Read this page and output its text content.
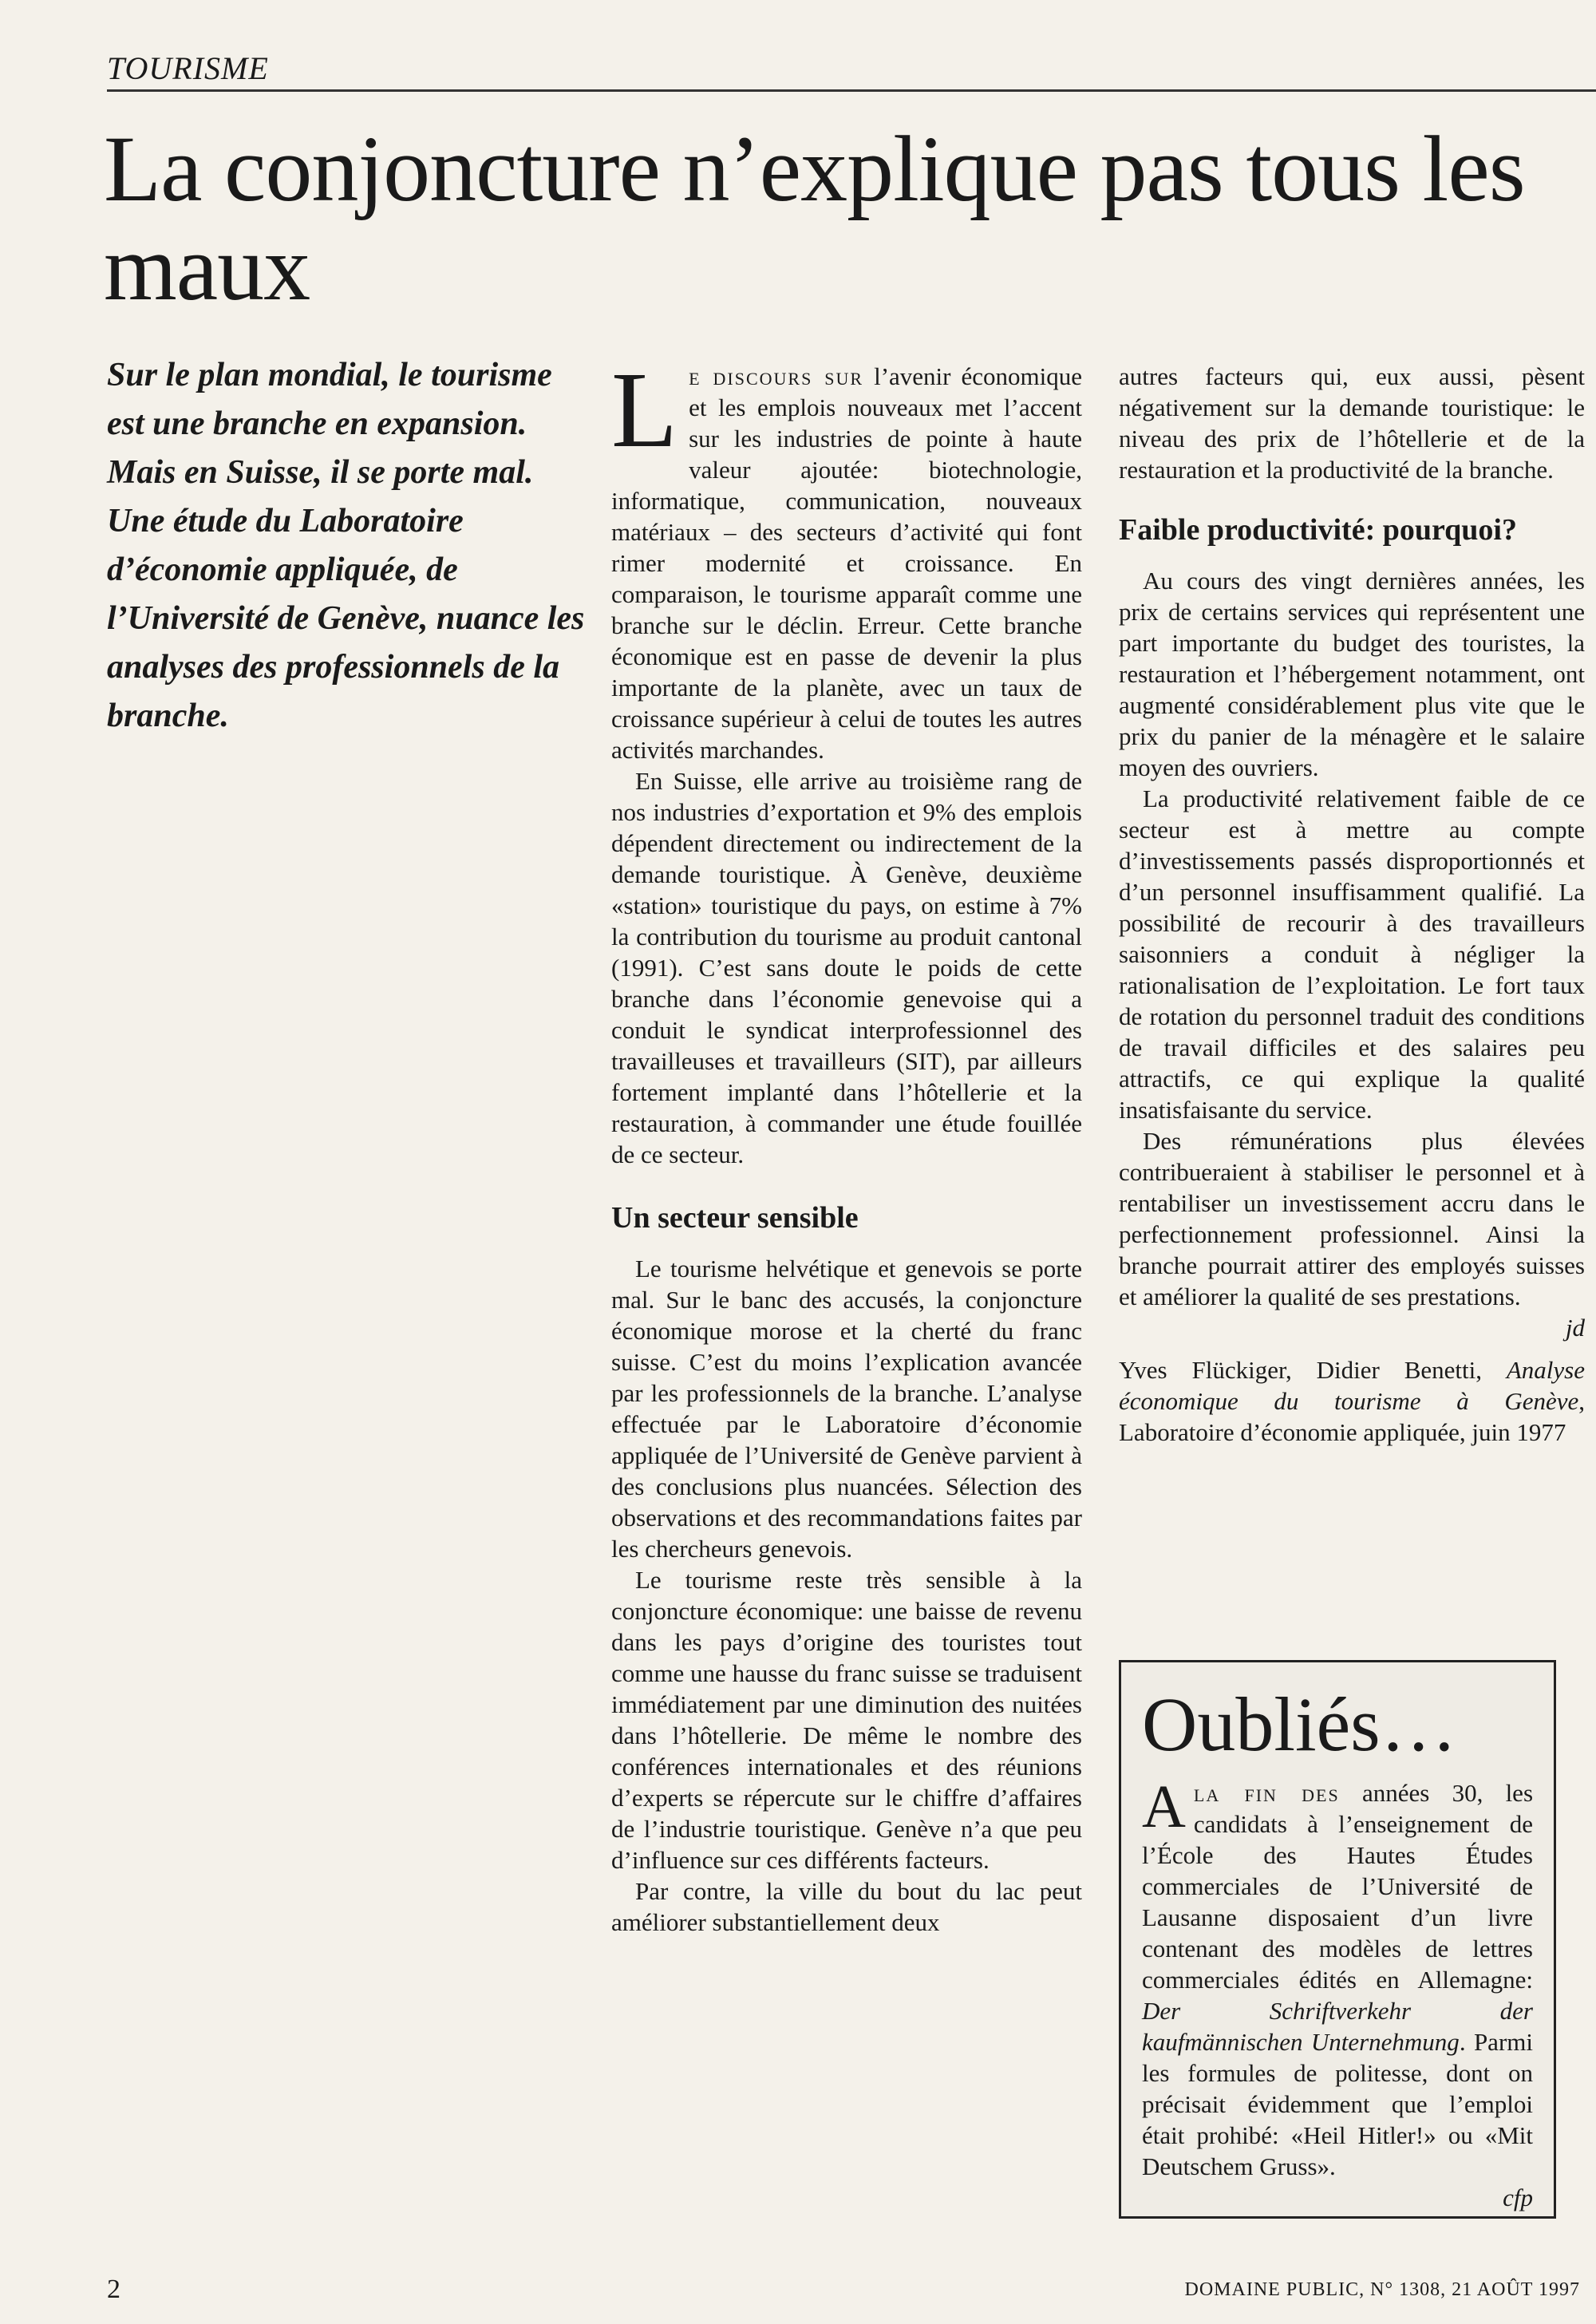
TOURISME
La conjoncture n’explique pas tous les maux

Sur le plan mondial, le tourisme est une branche en expansion. Mais en Suisse, il se porte mal. Une étude du Laboratoire d’économie appliquée, de l’Université de Genève, nuance les analyses des professionnels de la branche.

Le discours sur l’avenir économique et les emplois nouveaux met l’accent sur les industries de pointe à haute valeur ajoutée: biotechnologie, informatique, communication, nouveaux matériaux – des secteurs d’activité qui font rimer modernité et croissance. En comparaison, le tourisme apparaît comme une branche sur le déclin. Erreur. Cette branche économique est en passe de devenir la plus importante de la planète, avec un taux de croissance supérieur à celui de toutes les autres activités marchandes.

En Suisse, elle arrive au troisième rang de nos industries d’exportation et 9% des emplois dépendent directement ou indirectement de la demande touristique. À Genève, deuxième «station» touristique du pays, on estime à 7% la contribution du tourisme au produit cantonal (1991). C’est sans doute le poids de cette branche dans l’économie genevoise qui a conduit le syndicat interprofessionnel des travailleuses et travailleurs (SIT), par ailleurs fortement implanté dans l’hôtellerie et la restauration, à commander une étude fouillée de ce secteur.

Un secteur sensible

Le tourisme helvétique et genevois se porte mal. Sur le banc des accusés, la conjoncture économique morose et la cherté du franc suisse. C’est du moins l’explication avancée par les professionnels de la branche. L’analyse effectuée par le Laboratoire d’économie appliquée de l’Université de Genève parvient à des conclusions plus nuancées. Sélection des observations et des recommandations faites par les chercheurs genevois.

Le tourisme reste très sensible à la conjoncture économique: une baisse de revenu dans les pays d’origine des touristes tout comme une hausse du franc suisse se traduisent immédiatement par une diminution des nuitées dans l’hôtellerie. De même le nombre des conférences internationales et des réunions d’experts se répercute sur le chiffre d’affaires de l’industrie touristique. Genève n’a que peu d’influence sur ces différents facteurs.

Par contre, la ville du bout du lac peut améliorer substantiellement deux

autres facteurs qui, eux aussi, pèsent négativement sur la demande touristique: le niveau des prix de l’hôtellerie et de la restauration et la productivité de la branche.

Faible productivité: pourquoi?

Au cours des vingt dernières années, les prix de certains services qui représentent une part importante du budget des touristes, la restauration et l’hébergement notamment, ont augmenté considérablement plus vite que le prix du panier de la ménagère et le salaire moyen des ouvriers.

La productivité relativement faible de ce secteur est à mettre au compte d’investissements passés disproportionnés et d’un personnel insuffisamment qualifié. La possibilité de recourir à des travailleurs saisonniers a conduit à négliger la rationalisation de l’exploitation. Le fort taux de rotation du personnel traduit des conditions de travail difficiles et des salaires peu attractifs, ce qui explique la qualité insatisfaisante du service.

Des rémunérations plus élevées contribueraient à stabiliser le personnel et à rentabiliser un investissement accru dans le perfectionnement professionnel. Ainsi la branche pourrait attirer des employés suisses et améliorer la qualité de ses prestations.

jd

Yves Flückiger, Didier Benetti, Analyse économique du tourisme à Genève, Laboratoire d’économie appliquée, juin 1977

Oubliés…

Ala fin des années 30, les candidats à l’enseignement de l’École des Hautes Études commerciales de l’Université de Lausanne disposaient d’un livre contenant des modèles de lettres commerciales édités en Allemagne: Der Schriftverkehr der kaufmännischen Unternehmung. Parmi les formules de politesse, dont on précisait évidemment que l’emploi était prohibé: «Heil Hitler!» ou «Mit Deutschem Gruss».

cfp

2	DOMAINE PUBLIC, N° 1308, 21 AOÛT 1997
